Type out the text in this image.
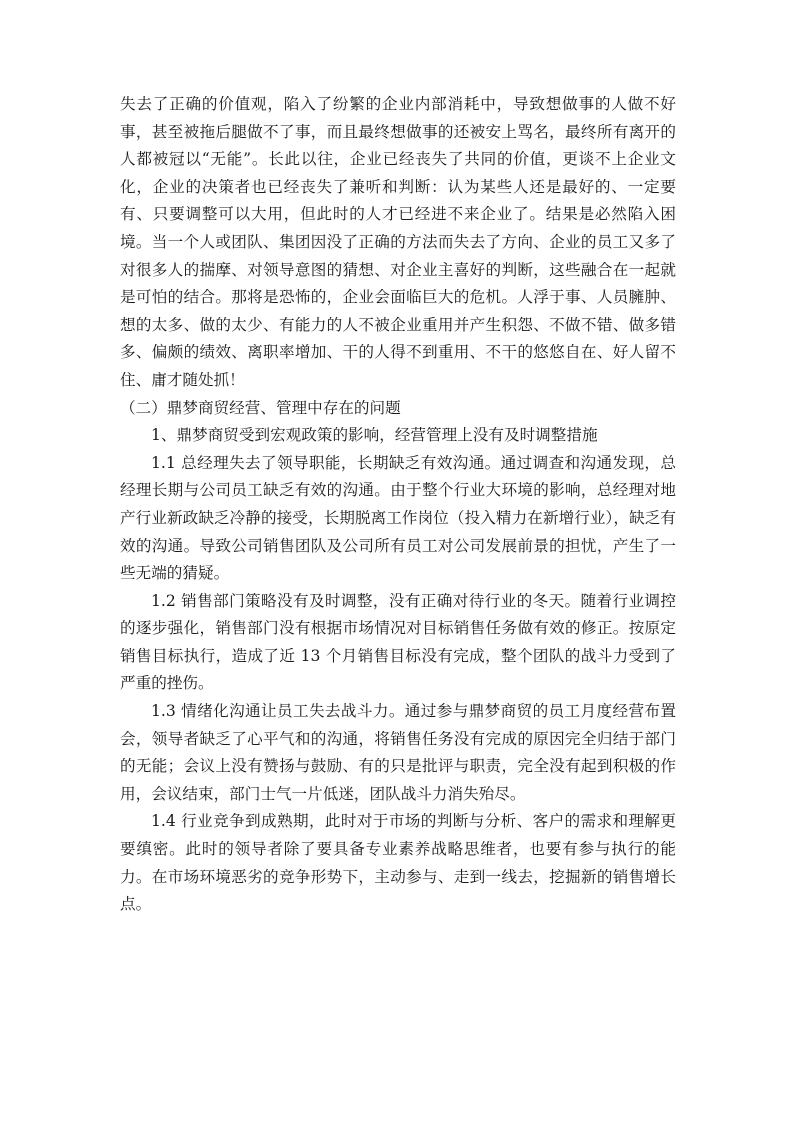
失去了正确的价值观，陷入了纷繁的企业内部消耗中，导致想做事的人做不好事，甚至被拖后腿做不了事，而且最终想做事的还被安上骂名，最终所有离开的人都被冠以“无能”。长此以往，企业已经丧失了共同的价值，更谈不上企业文化，企业的决策者也已经丧失了兼听和判断：认为某些人还是最好的、一定要有、只要调整可以大用，但此时的人才已经进不来企业了。结果是必然陷入困境。当一个人或团队、集团因没了正确的方法而失去了方向、企业的员工又多了对很多人的揣摩、对领导意图的猜想、对企业主喜好的判断，这些融合在一起就是可怕的结合。那将是恐怖的，企业会面临巨大的危机。人浮于事、人员臃肿、想的太多、做的太少、有能力的人不被企业重用并产生积怨、不做不错、做多错多、偏颇的绩效、离职率增加、干的人得不到重用、不干的悠悠自在、好人留不住、庸才随处抓！

（二）鼎梦商贸经营、管理中存在的问题

1、鼎梦商贸受到宏观政策的影响，经营管理上没有及时调整措施

1.1 总经理失去了领导职能，长期缺乏有效沟通。通过调查和沟通发现，总经理长期与公司员工缺乏有效的沟通。由于整个行业大环境的影响，总经理对地产行业新政缺乏冷静的接受，长期脱离工作岗位（投入精力在新增行业），缺乏有效的沟通。导致公司销售团队及公司所有员工对公司发展前景的担忧，产生了一些无端的猜疑。

1.2 销售部门策略没有及时调整，没有正确对待行业的冬天。随着行业调控的逐步强化，销售部门没有根据市场情况对目标销售任务做有效的修正。按原定销售目标执行，造成了近 13 个月销售目标没有完成，整个团队的战斗力受到了严重的挫伤。

1.3 情绪化沟通让员工失去战斗力。通过参与鼎梦商贸的员工月度经营布置会，领导者缺乏了心平气和的沟通，将销售任务没有完成的原因完全归结于部门的无能；会议上没有赞扬与鼓励、有的只是批评与职责，完全没有起到积极的作用，会议结束，部门士气一片低迷，团队战斗力消失殆尽。

1.4 行业竞争到成熟期，此时对于市场的判断与分析、客户的需求和理解更要缜密。此时的领导者除了要具备专业素养战略思维者，也要有参与执行的能力。在市场环境恶劣的竞争形势下，主动参与、走到一线去，挖掘新的销售增长点。
